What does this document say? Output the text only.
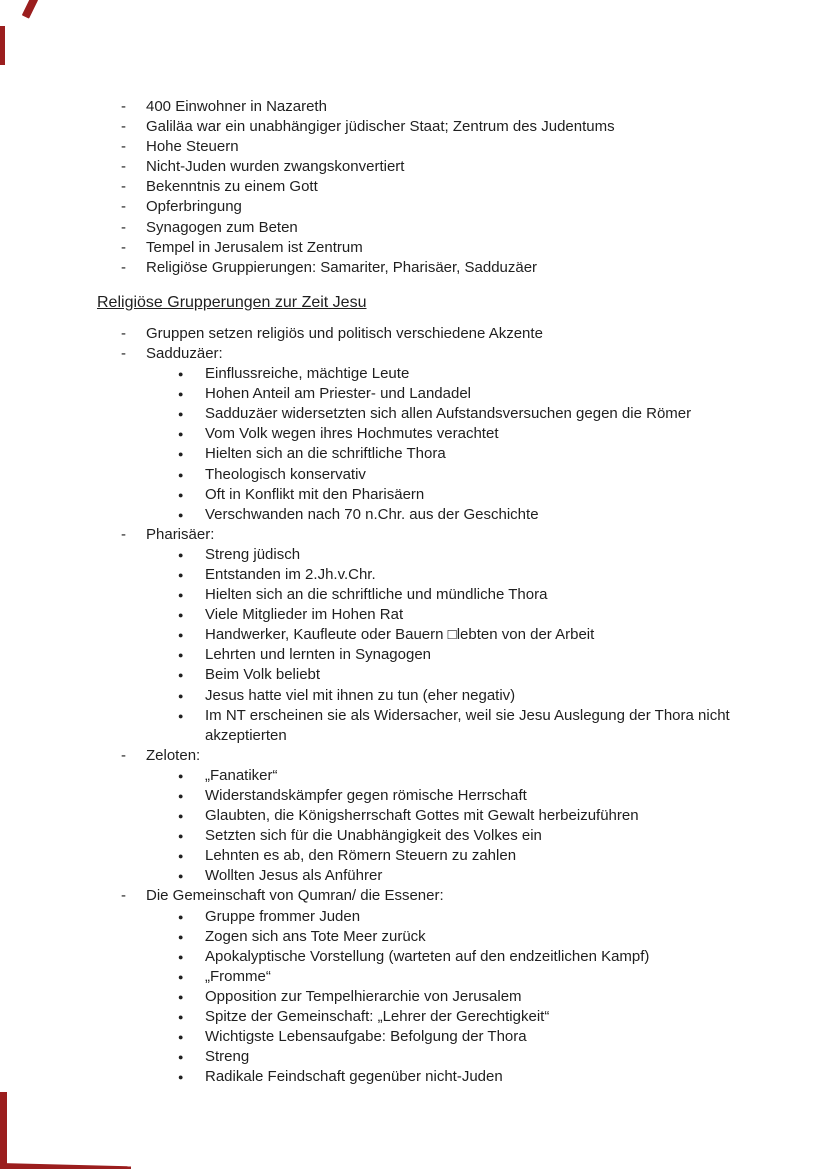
- 400 Einwohner in Nazareth
- Galiläa war ein unabhängiger jüdischer Staat; Zentrum des Judentums
- Hohe Steuern
- Nicht-Juden wurden zwangskonvertiert
- Bekenntnis zu einem Gott
- Opferbringung
- Synagogen zum Beten
- Tempel in Jerusalem ist Zentrum
- Religiöse Gruppierungen: Samariter, Pharisäer, Sadduzäer
Religiöse Grupperungen zur Zeit Jesu
- Gruppen setzen religiös und politisch verschiedene Akzente
- Sadduzäer:
● Einflussreiche, mächtige Leute
● Hohen Anteil am Priester- und Landadel
● Sadduzäer widersetzten sich allen Aufstandsversuchen gegen die Römer
● Vom Volk wegen ihres Hochmutes verachtet
● Hielten sich an die schriftliche Thora
● Theologisch konservativ
● Oft in Konflikt mit den Pharisäern
● Verschwanden nach 70 n.Chr. aus der Geschichte
- Pharisäer:
● Streng jüdisch
● Entstanden im 2.Jh.v.Chr.
● Hielten sich an die schriftliche und mündliche Thora
● Viele Mitglieder im Hohen Rat
● Handwerker, Kaufleute oder Bauern □lebten von der Arbeit
● Lehrten und lernten in Synagogen
● Beim Volk beliebt
● Jesus hatte viel mit ihnen zu tun (eher negativ)
● Im NT erscheinen sie als Widersacher, weil sie Jesu Auslegung der Thora nicht akzeptierten
- Zeloten:
● „Fanatiker“
● Widerstandskämpfer gegen römische Herrschaft
● Glaubten, die Königsherrschaft Gottes mit Gewalt herbeizuführen
● Setzten sich für die Unabhängigkeit des Volkes ein
● Lehnten es ab, den Römern Steuern zu zahlen
● Wollten Jesus als Anführer
- Die Gemeinschaft von Qumran/ die Essener:
● Gruppe frommer Juden
● Zogen sich ans Tote Meer zurück
● Apokalyptische Vorstellung (warteten auf den endzeitlichen Kampf)
● „Fromme“
● Opposition zur Tempelhierarchie von Jerusalem
● Spitze der Gemeinschaft: „Lehrer der Gerechtigkeit“
● Wichtigste Lebensaufgabe: Befolgung der Thora
● Streng
● Radikale Feindschaft gegenüber nicht-Juden
